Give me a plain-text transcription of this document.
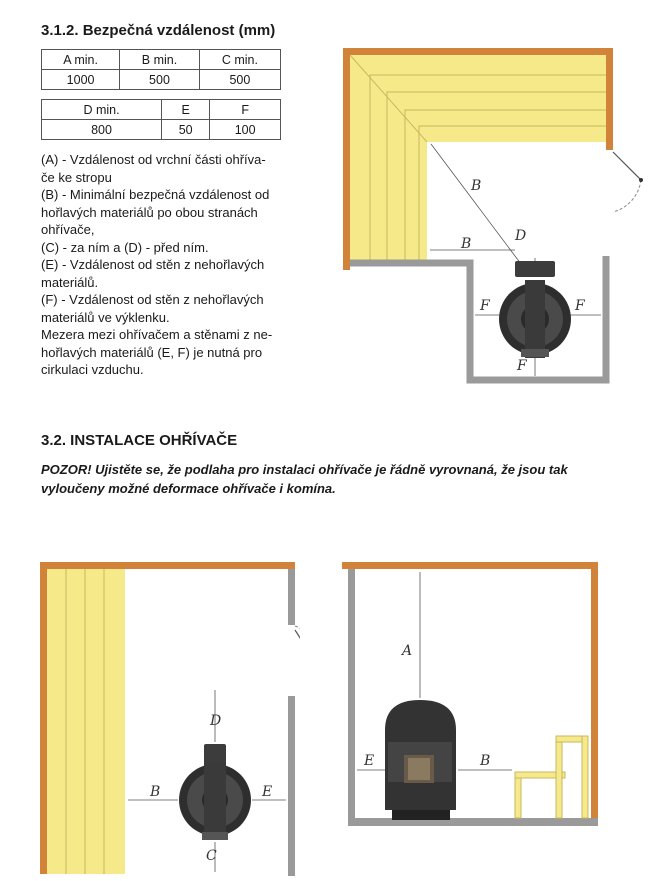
3.1.2. Bezpečná vzdálenost (mm)
A min.	B min.	C min.
1000	500	500
D min.	E	F
800	50	100
(A) - Vzdálenost od vrchní části ohříva-
če ke stropu
(B) - Minimální bezpečná vzdálenost od
hořlavých materiálů po obou stranách
ohřívače,
(C) - za ním a (D) - před ním.
(E) - Vzdálenost od stěn z nehořlavých
materiálů.
(F) - Vzdálenost od stěn z nehořlavých
materiálů ve výklenku.
Mezera mezi ohřívačem a stěnami z ne-
hořlavých materiálů (E, F) je nutná pro
cirkulaci vzduchu.
B
B	D
F	F
F
3.2. INSTALACE OHŘÍVAČE
POZOR! Ujistěte se, že podlaha pro instalaci ohřívače je řádně vyrovnaná, že jsou tak
vyloučeny možné deformace ohřívače i komína.
D
B	E
C
A
E	B
